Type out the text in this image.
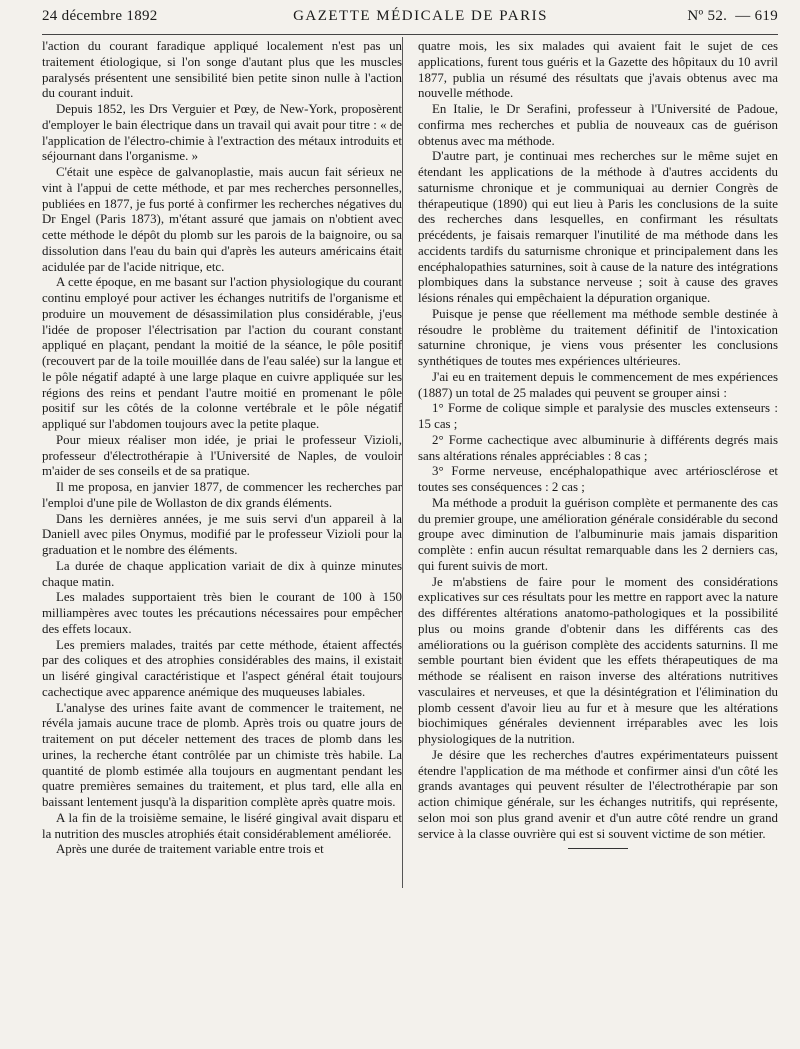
24 décembre 1892	GAZETTE MÉDICALE DE PARIS	Nº 52. — 619

l'action du courant faradique appliqué localement n'est pas un traitement étiologique, si l'on songe d'autant plus que les muscles paralysés présentent une sensibilité bien petite sinon nulle à l'action du courant induit.

Depuis 1852, les Drs Verguier et Pœy, de New-York, proposèrent d'employer le bain électrique dans un travail qui avait pour titre : « de l'application de l'électro-chimie à l'extraction des métaux introduits et séjournant dans l'organisme. »

C'était une espèce de galvanoplastie, mais aucun fait sérieux ne vint à l'appui de cette méthode, et par mes recherches personnelles, publiées en 1877, je fus porté à confirmer les recherches négatives du Dr Engel (Paris 1873), m'étant assuré que jamais on n'obtient avec cette méthode le dépôt du plomb sur les parois de la baignoire, ou sa dissolution dans l'eau du bain qui d'après les auteurs américains était acidulée par de l'acide nitrique, etc.

A cette époque, en me basant sur l'action physiologique du courant continu employé pour activer les échanges nutritifs de l'organisme et produire un mouvement de désassimilation plus considérable, j'eus l'idée de proposer l'électrisation par l'action du courant constant appliqué en plaçant, pendant la moitié de la séance, le pôle positif (recouvert par de la toile mouillée dans de l'eau salée) sur la langue et le pôle négatif adapté à une large plaque en cuivre appliquée sur les régions des reins et pendant l'autre moitié en promenant le pôle positif sur les côtés de la colonne vertébrale et le pôle négatif appliqué sur l'abdomen toujours avec la petite plaque.

Pour mieux réaliser mon idée, je priai le professeur Vizioli, professeur d'électrothérapie à l'Université de Naples, de vouloir m'aider de ses conseils et de sa pratique.

Il me proposa, en janvier 1877, de commencer les recherches par l'emploi d'une pile de Wollaston de dix grands éléments.

Dans les dernières années, je me suis servi d'un appareil à la Daniell avec piles Onymus, modifié par le professeur Vizioli pour la graduation et le nombre des éléments.

La durée de chaque application variait de dix à quinze minutes chaque matin.

Les malades supportaient très bien le courant de 100 à 150 milliampères avec toutes les précautions nécessaires pour empêcher des effets locaux.

Les premiers malades, traités par cette méthode, étaient affectés par des coliques et des atrophies considérables des mains, il existait un liséré gingival caractéristique et l'aspect général était toujours cachectique avec apparence anémique des muqueuses labiales.

L'analyse des urines faite avant de commencer le traitement, ne révéla jamais aucune trace de plomb. Après trois ou quatre jours de traitement on put déceler nettement des traces de plomb dans les urines, la recherche étant contrôlée par un chimiste très habile. La quantité de plomb estimée alla toujours en augmentant pendant les quatre premières semaines du traitement, et plus tard, elle alla en baissant lentement jusqu'à la disparition complète après quatre mois.

A la fin de la troisième semaine, le liséré gingival avait disparu et la nutrition des muscles atrophiés était considérablement améliorée.

Après une durée de traitement variable entre trois et

quatre mois, les six malades qui avaient fait le sujet de ces applications, furent tous guéris et la Gazette des hôpitaux du 10 avril 1877, publia un résumé des résultats que j'avais obtenus avec ma nouvelle méthode.

En Italie, le Dr Serafini, professeur à l'Université de Padoue, confirma mes recherches et publia de nouveaux cas de guérison obtenus avec ma méthode.

D'autre part, je continuai mes recherches sur le même sujet en étendant les applications de la méthode à d'autres accidents du saturnisme chronique et je communiquai au dernier Congrès de thérapeutique (1890) qui eut lieu à Paris les conclusions de la suite des recherches dans lesquelles, en confirmant les résultats précédents, je faisais remarquer l'inutilité de ma méthode dans les accidents tardifs du saturnisme chronique et principalement dans les encéphalopathies saturnines, soit à cause de la nature des intégrations plombiques dans la substance nerveuse ; soit à cause des graves lésions rénales qui empêchaient la dépuration organique.

Puisque je pense que réellement ma méthode semble destinée à résoudre le problème du traitement définitif de l'intoxication saturnine chronique, je viens vous présenter les conclusions synthétiques de toutes mes expériences ultérieures.

J'ai eu en traitement depuis le commencement de mes expériences (1887) un total de 25 malades qui peuvent se grouper ainsi :

1° Forme de colique simple et paralysie des muscles extenseurs : 15 cas ;

2° Forme cachectique avec albuminurie à différents degrés mais sans altérations rénales appréciables : 8 cas ;

3° Forme nerveuse, encéphalopathique avec artériosclérose et toutes ses conséquences : 2 cas ;

Ma méthode a produit la guérison complète et permanente des cas du premier groupe, une amélioration générale considérable du second groupe avec diminution de l'albuminurie mais jamais disparition complète : enfin aucun résultat remarquable dans les 2 derniers cas, qui furent suivis de mort.

Je m'abstiens de faire pour le moment des considérations explicatives sur ces résultats pour les mettre en rapport avec la nature des différentes altérations anatomo-pathologiques et la possibilité plus ou moins grande d'obtenir dans les différents cas des améliorations ou la guérison complète des accidents saturnins. Il me semble pourtant bien évident que les effets thérapeutiques de ma méthode se réalisent en raison inverse des altérations nutritives vasculaires et nerveuses, et que la désintégration et l'élimination du plomb cessent d'avoir lieu au fur et à mesure que les altérations biochimiques générales deviennent irréparables avec les lois physiologiques de la nutrition.

Je désire que les recherches d'autres expérimentateurs puissent étendre l'application de ma méthode et confirmer ainsi d'un côté les grands avantages qui peuvent résulter de l'électrothérapie par son action chimique générale, sur les échanges nutritifs, qui représente, selon moi son plus grand avenir et d'un autre côté rendre un grand service à la classe ouvrière qui est si souvent victime de son métier.
